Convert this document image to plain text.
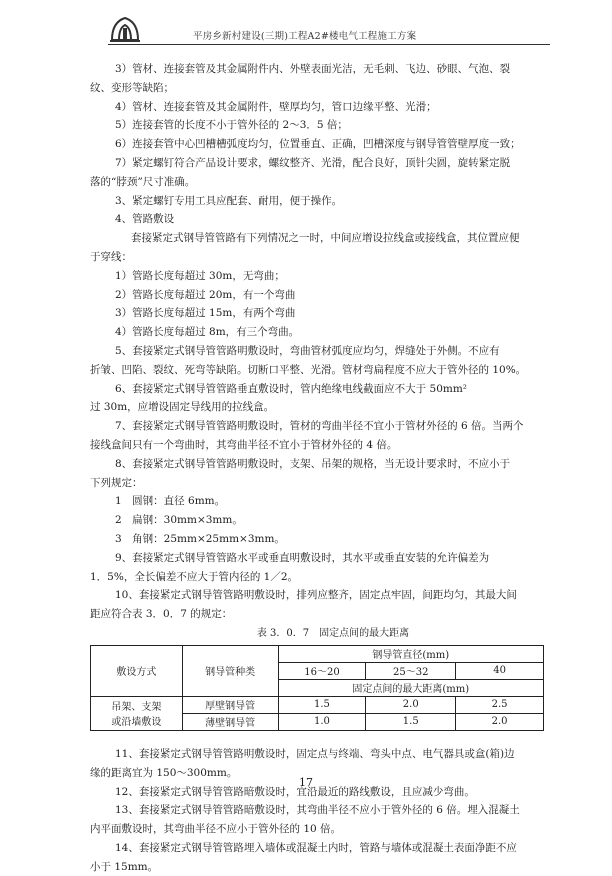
平房乡新村建设(三期)工程A2#楼电气工程施工方案
3）管材、连接套管及其金属附件内、外壁表面光洁，无毛刺、飞边、砂眼、气泡、裂
纹、变形等缺陷；
4）管材、连接套管及其金属附件，壁厚均匀，管口边缘平整、光滑；
5）连接套管的长度不小于管外径的 2～3．5 倍；
6）连接套管中心凹槽槽弧度均匀，位置垂直、正确，凹槽深度与钢导管管壁厚度一致；
7）紧定螺钉符合产品设计要求，螺纹整齐、光滑，配合良好，顶针尖圆，旋转紧定脱
落的“脖颈”尺寸准确。
3、紧定螺钉专用工具应配套、耐用，便于操作。
4、管路敷设
套接紧定式钢导管管路有下列情况之一时，中间应增设拉线盒或接线盒，其位置应便
于穿线：
1）管路长度每超过 30m，无弯曲；
2）管路长度每超过 20m，有一个弯曲
3）管路长度每超过 15m，有两个弯曲
4）管路长度每超过 8m，有三个弯曲。
5、套接紧定式钢导管管路明敷设时，弯曲管材弧度应均匀，焊缝处于外侧。不应有
折皱、凹陷、裂纹、死弯等缺陷。切断口平整、光滑。管材弯扁程度不应大于管外径的 10%。
6、套接紧定式钢导管管路垂直敷设时，管内绝缘电线截面应不大于 50mm²
过 30m，应增设固定导线用的拉线盒。
7、套接紧定式钢导管管路明敷设时，管材的弯曲半径不宜小于管材外径的 6 倍。当两个
接线盒间只有一个弯曲时，其弯曲半径不宜小于管材外径的 4 倍。
8、套接紧定式钢导管管路明敷设时，支架、吊架的规格，当无设计要求时，不应小于
下列规定：
1　圆钢：直径 6mm。
2　扁钢：30mm×3mm。
3　角钢：25mm×25mm×3mm。
9、套接紧定式钢导管管路水平或垂直明敷设时，其水平或垂直安装的允许偏差为
1．5%，全长偏差不应大于管内径的 1／2。
10、套接紧定式钢导管管路明敷设时，排列应整齐，固定点牢固，间距均匀，其最大间
距应符合表 3．0．7 的规定：
表 3．0．7　固定点间的最大距离
敷设方式	钢导管种类	钢导管直径(mm)		
		16～20	25～32	40
		固定点间的最大距离(mm)		

吊架、支架
或沿墙敷设	厚壁钢导管	1.5	2.0	2.5
	薄壁钢导管	1.0	1.5	2.0
11、套接紧定式钢导管管路明敷设时，固定点与终端、弯头中点、电气器具或盒(箱)边
缘的距离宜为 150～300mm。
12、套接紧定式钢导管管路暗敷设时，宜沿最近的路线敷设，且应减少弯曲。
13、套接紧定式钢导管管路暗敷设时，其弯曲半径不应小于管外径的 6 倍。埋入混凝土
内平面敷设时，其弯曲半径不应小于管外径的 10 倍。
14、套接紧定式钢导管管路埋入墙体或混凝土内时，管路与墙体或混凝土表面净距不应
小于 15mm。
17
